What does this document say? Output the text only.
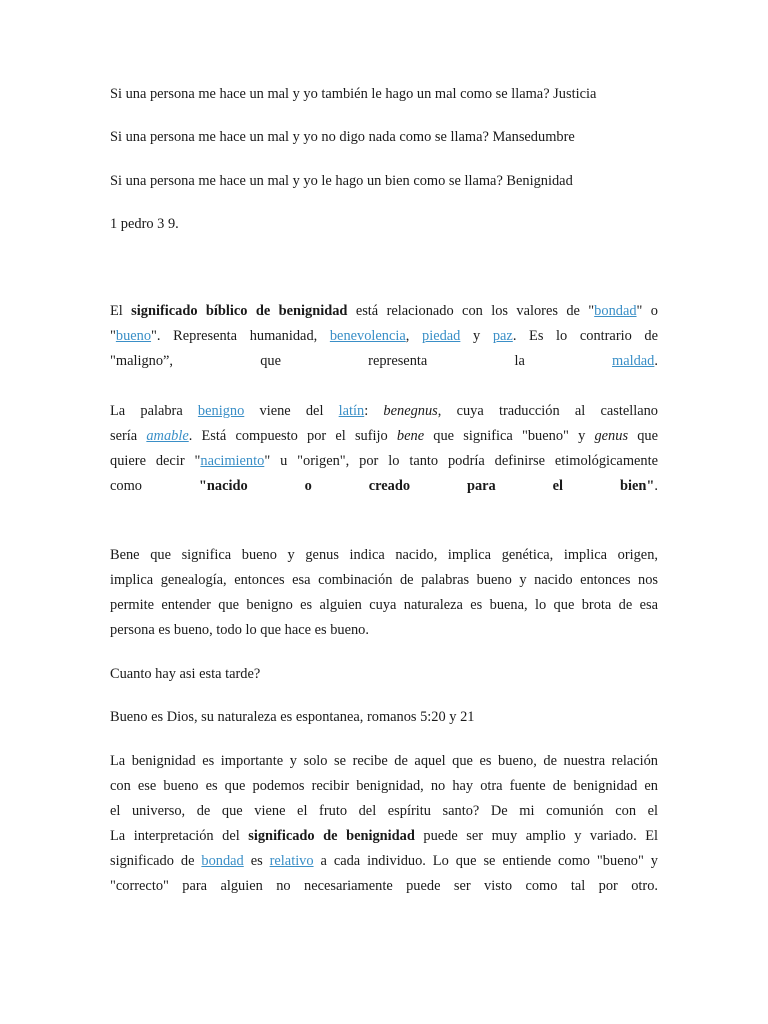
Si una persona me hace un mal y yo también le hago un mal como se llama? Justicia

Si una persona me hace un mal y yo no digo nada como se llama? Mansedumbre

Si una persona me hace un mal y yo le hago un bien como se llama? Benignidad

1 pedro 3 9.

El significado bíblico de benignidad está relacionado con los valores de "bondad" o
"bueno". Representa humanidad, benevolencia, piedad y paz. Es lo contrario de
"maligno”,	que	representa	la maldad.
La palabra benigno viene del latín: benegnus, cuya traducción al castellano
sería amable. Está compuesto por el sufijo bene que significa "bueno" y genus que
quiere decir "nacimiento" u "origen", por lo tanto podría definirse etimológicamente
como "nacido	o	creado	para	el	bien".
Bene que significa bueno y genus indica nacido, implica genética, implica origen,
implica genealogía, entonces esa combinación de palabras bueno y nacido entonces nos
permite entender que benigno es alguien cuya naturaleza es buena, lo que brota de esa
persona es bueno, todo lo que hace es bueno.

Cuanto hay asi esta tarde?

Bueno es Dios, su naturaleza es espontanea, romanos 5:20 y 21

La benignidad es importante y solo se recibe de aquel que es bueno, de nuestra relación
con ese bueno es que podemos recibir benignidad, no hay otra fuente de benignidad en
el universo, de que viene el fruto del espíritu santo? De mi comunión con el
La interpretación del significado de benignidad puede ser muy amplio y variado. El
significado de bondad es relativo a cada individuo. Lo que se entiende como "bueno" y
"correcto" para alguien no necesariamente puede ser visto como tal por otro.
